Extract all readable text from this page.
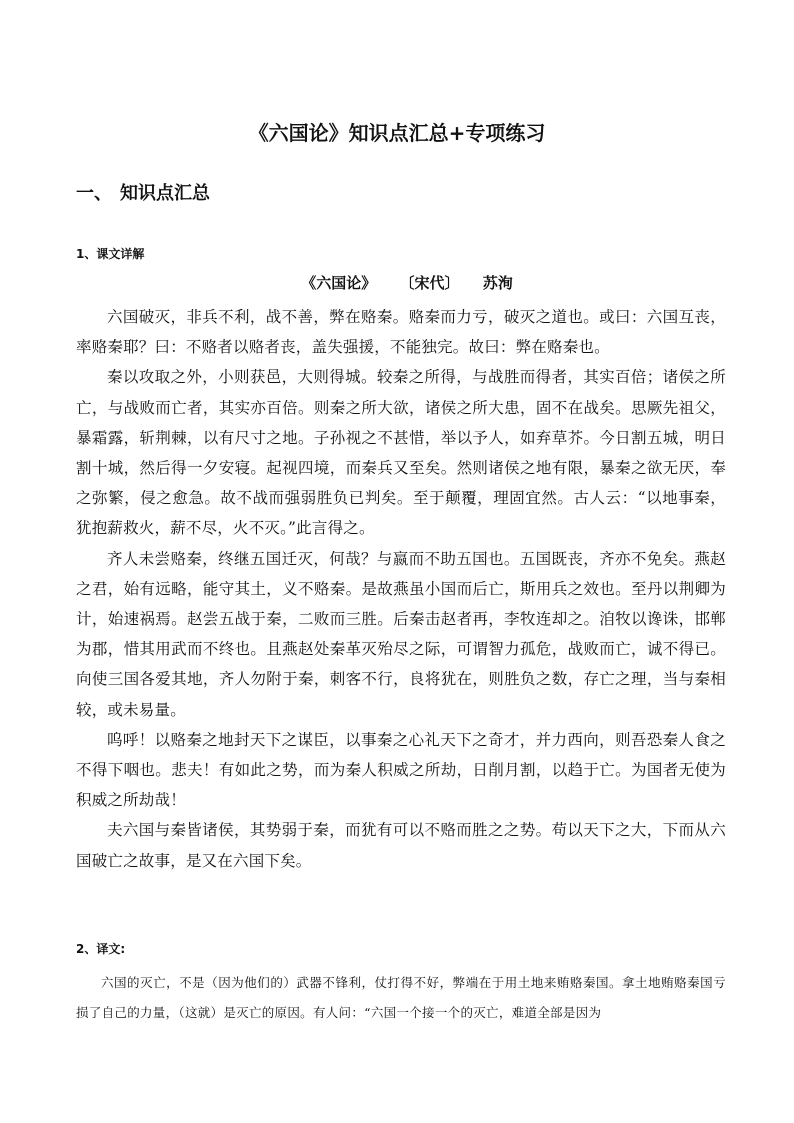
《六国论》知识点汇总+专项练习
一、 知识点汇总
1、课文详解
《六国论》 〔宋代〕 苏洵

六国破灭，非兵不利，战不善，弊在赂秦。赂秦而力亏，破灭之道也。或曰：六国互丧，率赂秦耶？曰：不赂者以赂者丧，盖失强援，不能独完。故曰：弊在赂秦也。

秦以攻取之外，小则获邑，大则得城。较秦之所得，与战胜而得者，其实百倍；诸侯之所亡，与战败而亡者，其实亦百倍。则秦之所大欲，诸侯之所大患，固不在战矣。思厥先祖父，暴霜露，斩荆棘，以有尺寸之地。子孙视之不甚惜，举以予人，如弃草芥。今日割五城，明日割十城，然后得一夕安寝。起视四境，而秦兵又至矣。然则诸侯之地有限，暴秦之欲无厌，奉之弥繁，侵之愈急。故不战而强弱胜负已判矣。至于颠覆，理固宜然。古人云：“以地事秦，犹抱薪救火，薪不尽，火不灭。”此言得之。

齐人未尝赂秦，终继五国迁灭，何哉？与嬴而不助五国也。五国既丧，齐亦不免矣。燕赵之君，始有远略，能守其土，义不赂秦。是故燕虽小国而后亡，斯用兵之效也。至丹以荆卿为计，始速祸焉。赵尝五战于秦，二败而三胜。后秦击赵者再，李牧连却之。洎牧以谗诛，邯郸为郡，惜其用武而不终也。且燕赵处秦革灭殆尽之际，可谓智力孤危，战败而亡，诚不得已。向使三国各爱其地，齐人勿附于秦，刺客不行，良将犹在，则胜负之数，存亡之理，当与秦相较，或未易量。

呜呼！以赂秦之地封天下之谋臣，以事秦之心礼天下之奇才，并力西向，则吾恐秦人食之不得下咽也。悲夫！有如此之势，而为秦人积威之所劫，日削月割，以趋于亡。为国者无使为积威之所劫哉！

夫六国与秦皆诸侯，其势弱于秦，而犹有可以不赂而胜之之势。苟以天下之大，下而从六国破亡之故事，是又在六国下矣。

2、译文:

六国的灭亡，不是（因为他们的）武器不锋利，仗打得不好，弊端在于用土地来贿赂秦国。拿土地贿赂秦国亏损了自己的力量，（这就）是灭亡的原因。有人问：“六国一个接一个的灭亡，难道全部是因为
